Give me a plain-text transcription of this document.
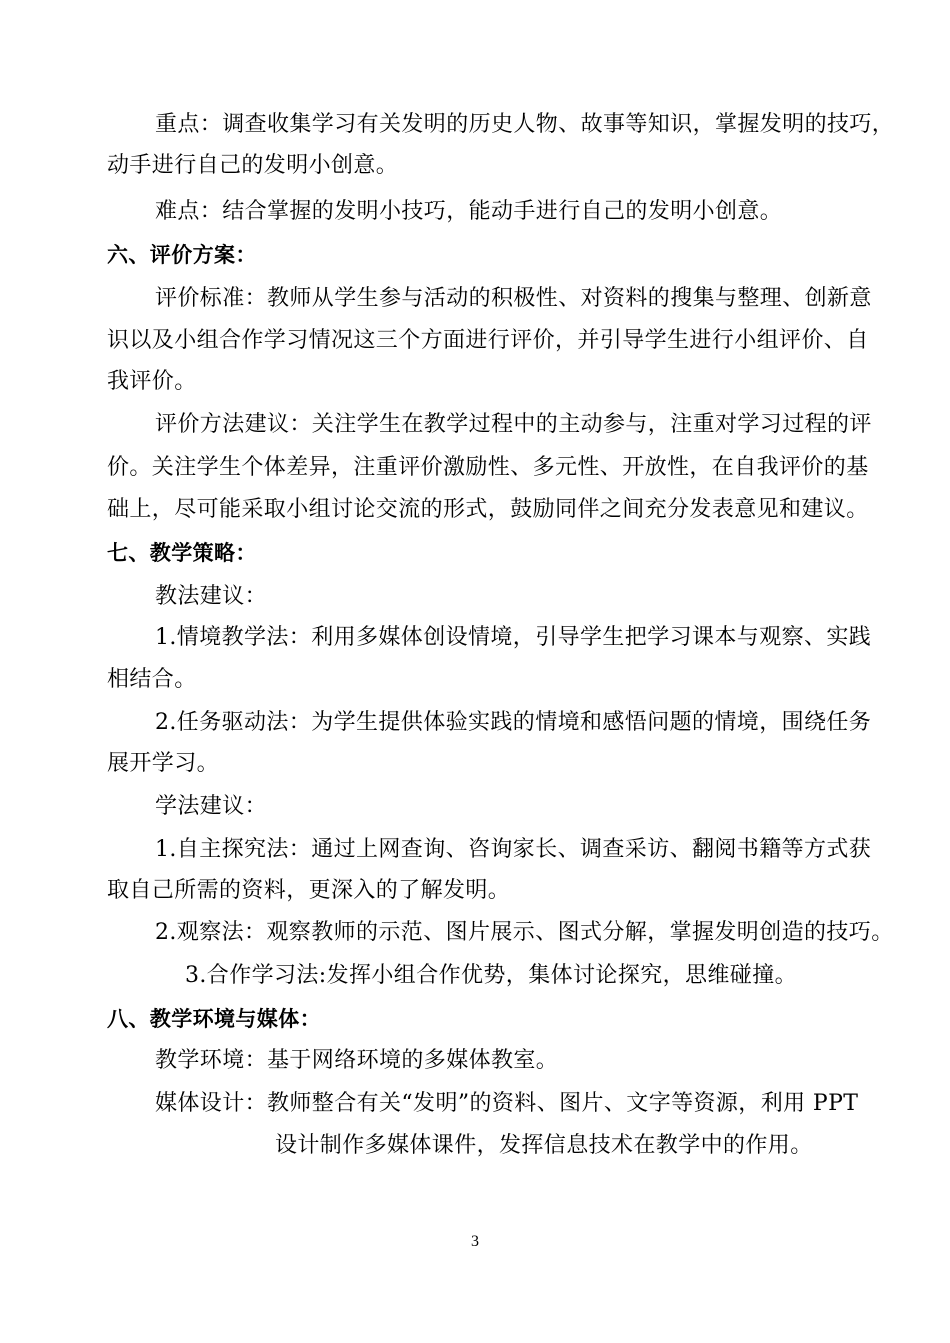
重点：调查收集学习有关发明的历史人物、故事等知识，掌握发明的技巧，
动手进行自己的发明小创意。
难点：结合掌握的发明小技巧，能动手进行自己的发明小创意。
六、评价方案：
评价标准：教师从学生参与活动的积极性、对资料的搜集与整理、创新意
识以及小组合作学习情况这三个方面进行评价，并引导学生进行小组评价、自
我评价。
评价方法建议：关注学生在教学过程中的主动参与，注重对学习过程的评
价。关注学生个体差异，注重评价激励性、多元性、开放性，在自我评价的基
础上，尽可能采取小组讨论交流的形式，鼓励同伴之间充分发表意见和建议。
七、教学策略：
教法建议：
1.情境教学法：利用多媒体创设情境，引导学生把学习课本与观察、实践
相结合。
2.任务驱动法：为学生提供体验实践的情境和感悟问题的情境，围绕任务
展开学习。
学法建议：
1.自主探究法：通过上网查询、咨询家长、调查采访、翻阅书籍等方式获
取自己所需的资料，更深入的了解发明。
2.观察法：观察教师的示范、图片展示、图式分解，掌握发明创造的技巧。
3.合作学习法:发挥小组合作优势，集体讨论探究，思维碰撞。
八、教学环境与媒体：
教学环境：基于网络环境的多媒体教室。
媒体设计：教师整合有关“发明”的资料、图片、文字等资源，利用 PPT
设计制作多媒体课件，发挥信息技术在教学中的作用。
3
